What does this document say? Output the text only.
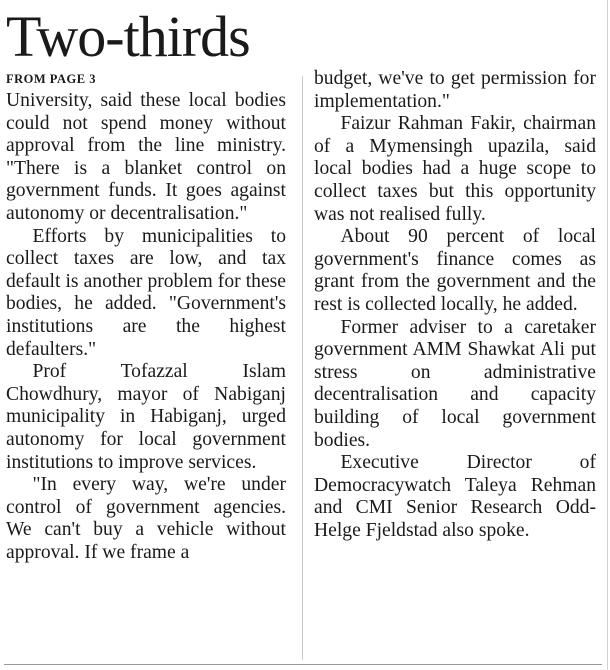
Two-thirds
FROM PAGE 3

University, said these local bodies could not spend money without approval from the line ministry. "There is a blanket control on government funds. It goes against autonomy or decentralisation."

Efforts by municipalities to collect taxes are low, and tax default is another problem for these bodies, he added. "Government's institutions are the highest defaulters."

Prof Tofazzal Islam Chowdhury, mayor of Nabiganj municipality in Habiganj, urged autonomy for local government institutions to improve services.

"In every way, we're under control of government agencies. We can't buy a vehicle without approval. If we frame a

budget, we've to get permission for implementation."

Faizur Rahman Fakir, chairman of a Mymensingh upazila, said local bodies had a huge scope to collect taxes but this opportunity was not realised fully.

About 90 percent of local government's finance comes as grant from the government and the rest is collected locally, he added.

Former adviser to a caretaker government AMM Shawkat Ali put stress on administrative decentralisation and capacity building of local government bodies.

Executive Director of Democracywatch Taleya Rehman and CMI Senior Research Odd-Helge Fjeldstad also spoke.
